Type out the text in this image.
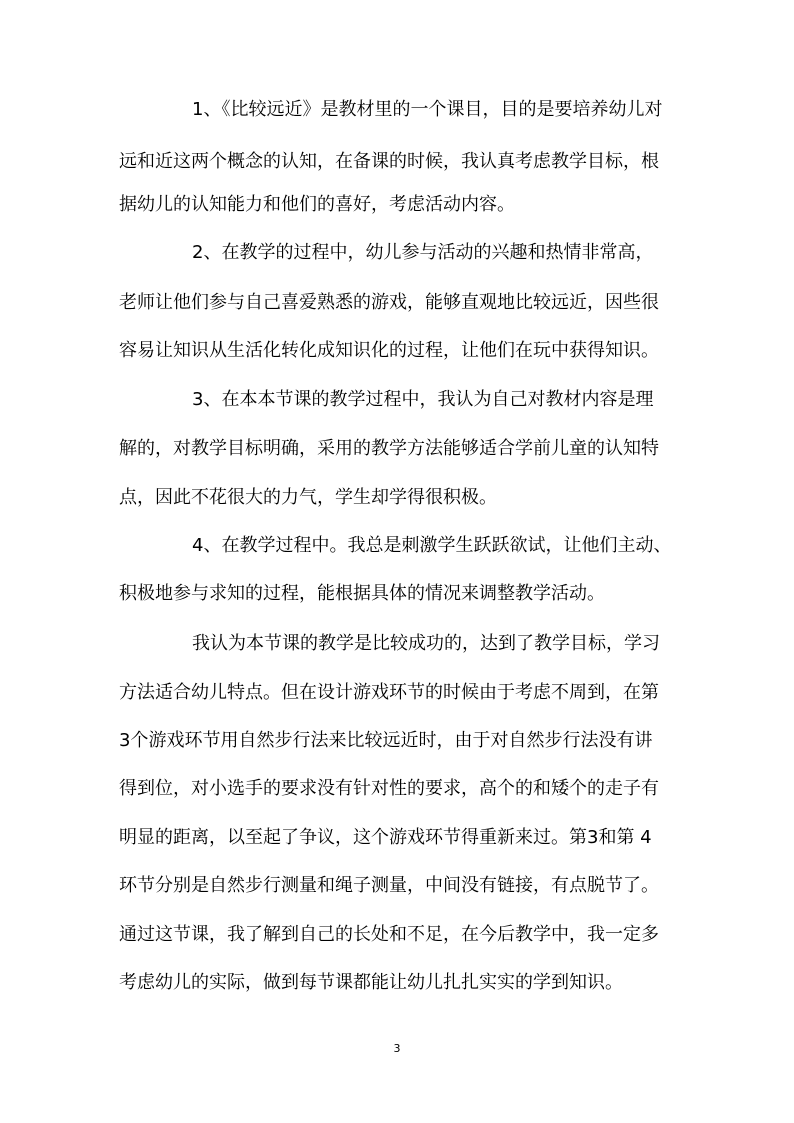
1、《比较远近》是教材里的一个课目，目的是要培养幼儿对
远和近这两个概念的认知，在备课的时候，我认真考虑教学目标，根
据幼儿的认知能力和他们的喜好，考虑活动内容。
2、在教学的过程中，幼儿参与活动的兴趣和热情非常高，
老师让他们参与自己喜爱熟悉的游戏，能够直观地比较远近，因些很
容易让知识从生活化转化成知识化的过程，让他们在玩中获得知识。
3、在本本节课的教学过程中，我认为自己对教材内容是理
解的，对教学目标明确，采用的教学方法能够适合学前儿童的认知特
点，因此不花很大的力气，学生却学得很积极。
4、在教学过程中。我总是刺激学生跃跃欲试，让他们主动、
积极地参与求知的过程，能根据具体的情况来调整教学活动。
我认为本节课的教学是比较成功的，达到了教学目标，学习
方法适合幼儿特点。但在设计游戏环节的时候由于考虑不周到，在第
3个游戏环节用自然步行法来比较远近时，由于对自然步行法没有讲
得到位，对小选手的要求没有针对性的要求，高个的和矮个的走子有
明显的距离，以至起了争议，这个游戏环节得重新来过。第3和第 4
环节分别是自然步行测量和绳子测量，中间没有链接，有点脱节了。
通过这节课，我了解到自己的长处和不足，在今后教学中，我一定多
考虑幼儿的实际，做到每节课都能让幼儿扎扎实实的学到知识。
3
